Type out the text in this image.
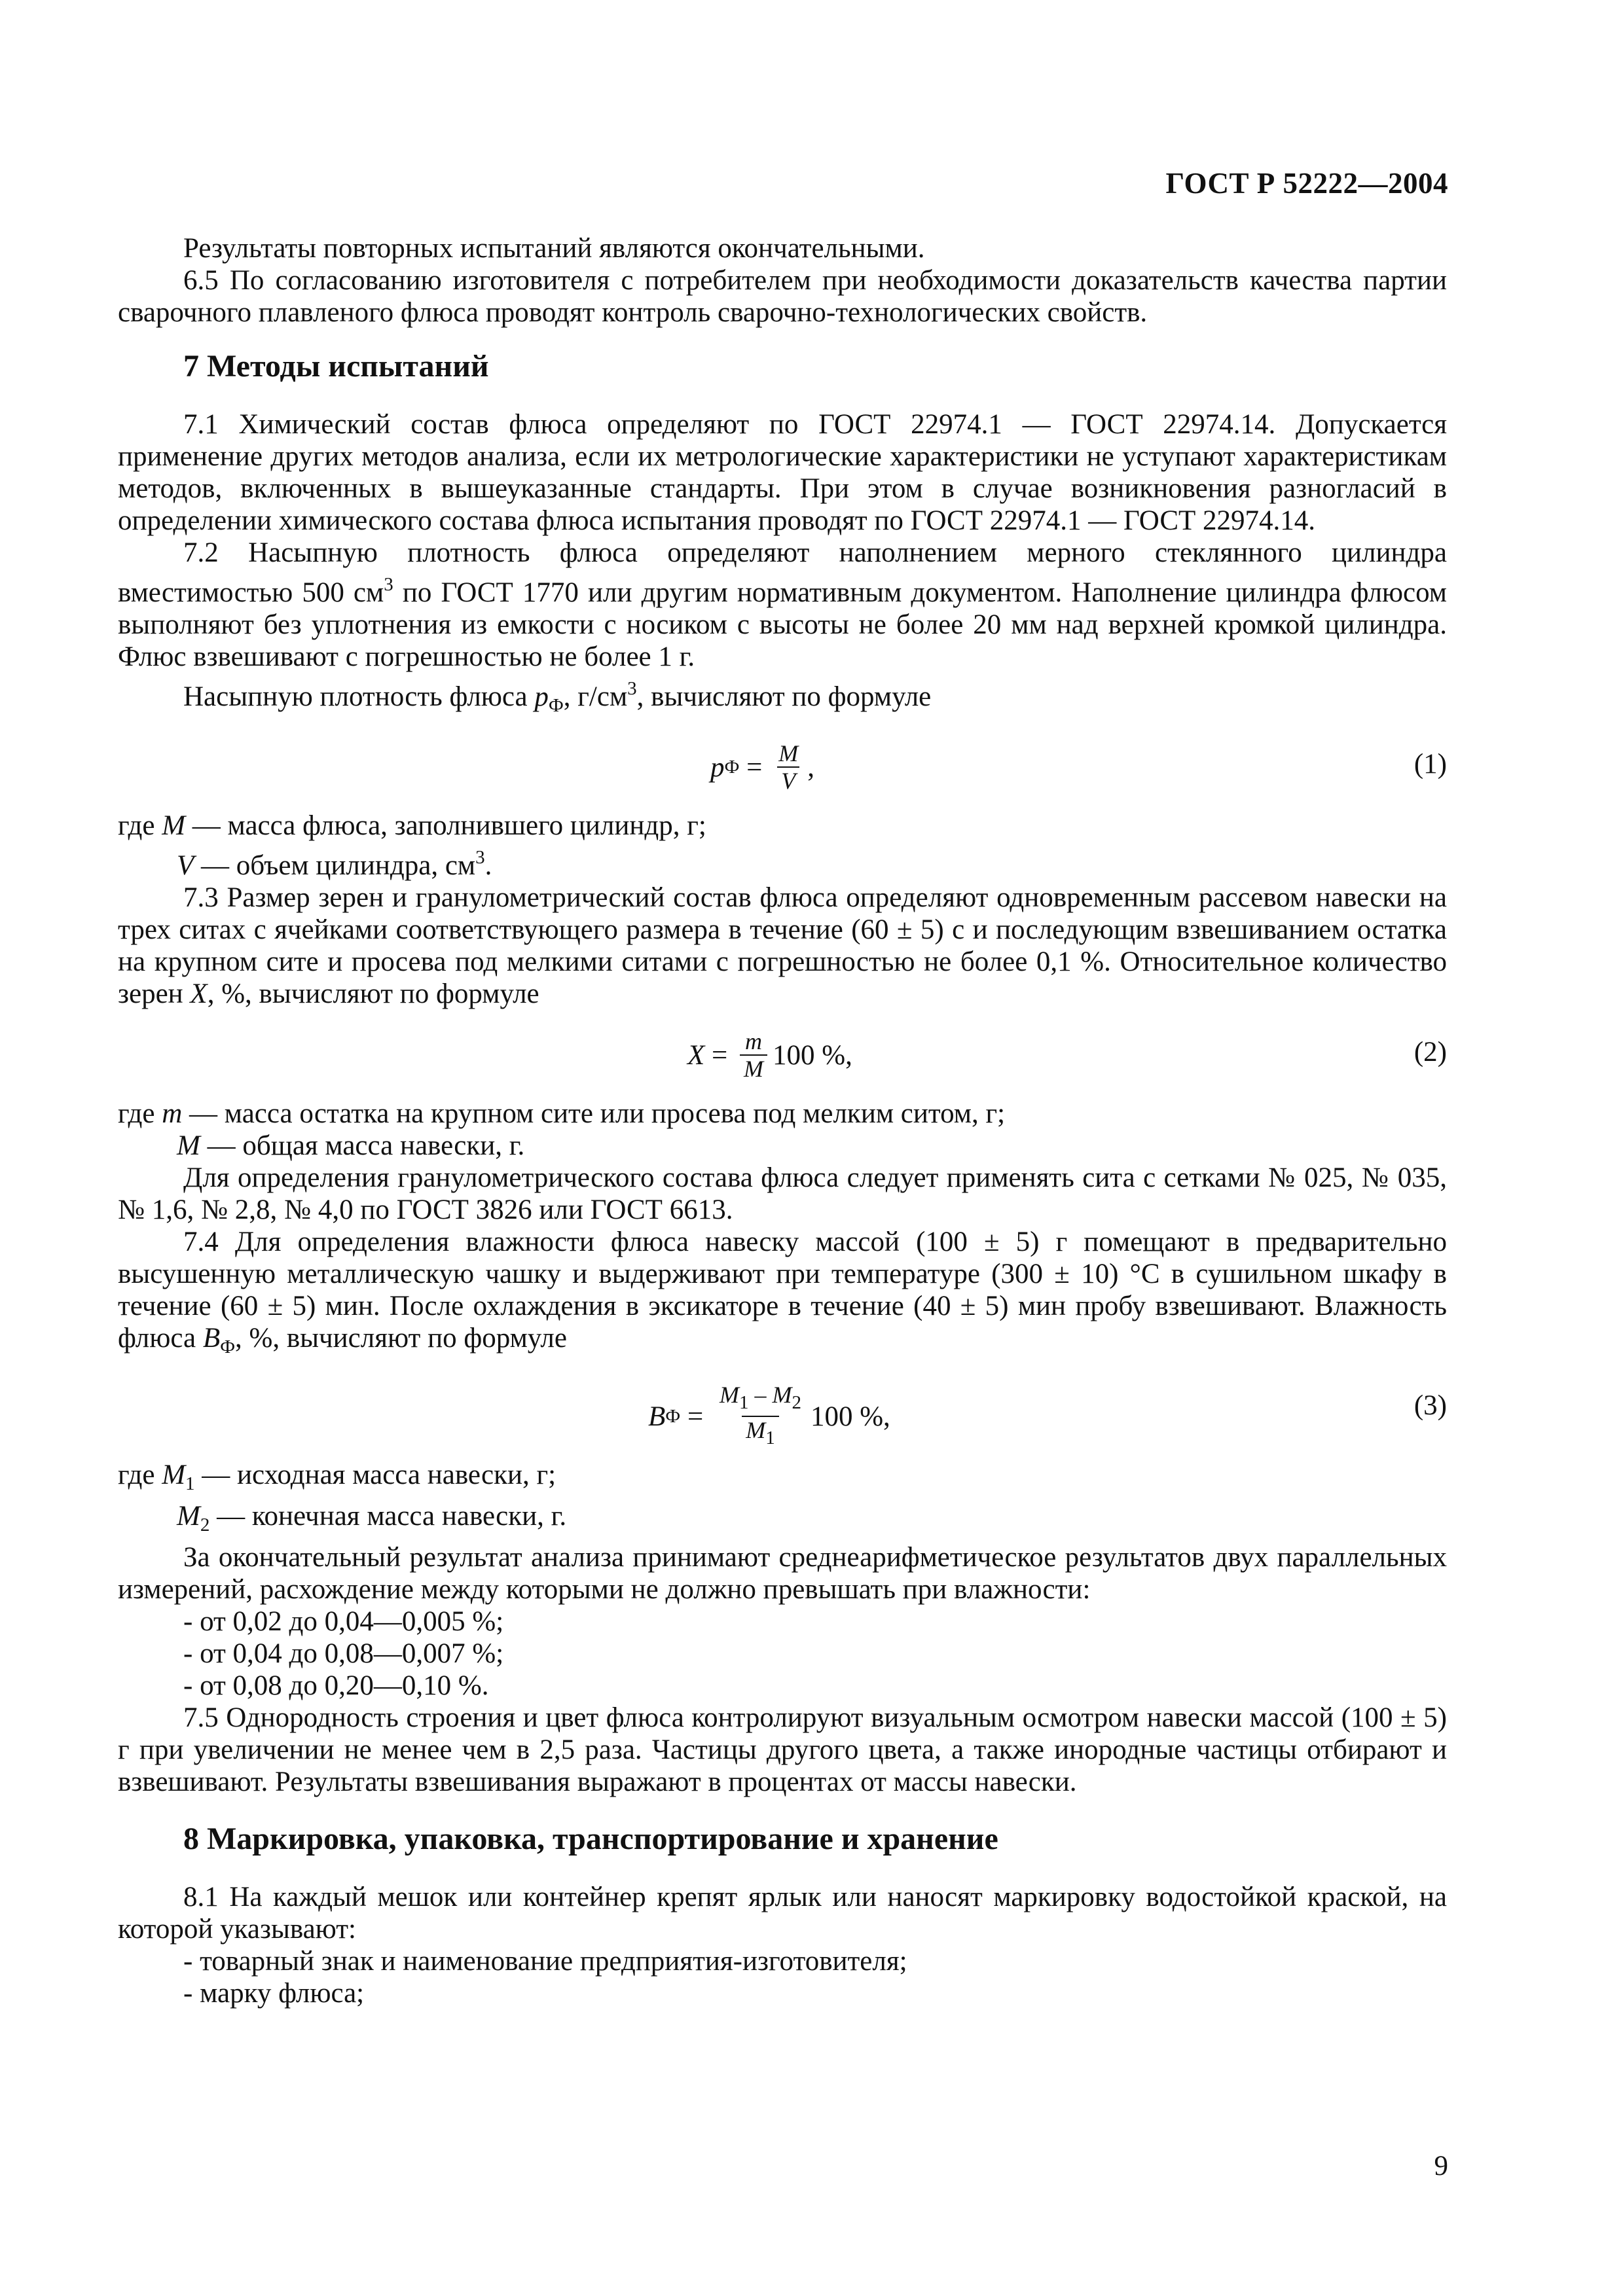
ГОСТ Р 52222—2004

Результаты повторных испытаний являются окончательными.

6.5 По согласованию изготовителя с потребителем при необходимости доказательств качества партии сварочного плавленого флюса проводят контроль сварочно-технологических свойств.

7 Методы испытаний

7.1 Химический состав флюса определяют по ГОСТ 22974.1 — ГОСТ 22974.14. Допускается применение других методов анализа, если их метрологические характеристики не уступают характеристикам методов, включенных в вышеуказанные стандарты. При этом в случае возникновения разногласий в определении химического состава флюса испытания проводят по ГОСТ 22974.1 — ГОСТ 22974.14.

7.2 Насыпную плотность флюса определяют наполнением мерного стеклянного цилиндра вместимостью 500 $см^3$ по ГОСТ 1770 или другим нормативным документом. Наполнение цилиндра флюсом выполняют без уплотнения из емкости с носиком с высоты не более 20 мм над верхней кромкой цилиндра. Флюс взвешивают с погрешностью не более 1 г.

Насыпную плотность флюса $p_Ф$, $г/см^3$, вычисляют по формуле

p $Ф = \frac{M}{V}$ ,	(1)

где M — масса флюса, заполнившего цилиндр, г;

V — объем цилиндра, $см^3$.

7.3 Размер зерен и гранулометрический состав флюса определяют одновременным рассевом навески на трех ситах с ячейками соответствующего размера в течение (60 ± 5) с и последующим взвешиванием остатка на крупном сите и просева под мелкими ситами с погрешностью не более 0,1 %. Относительное количество зерен X, %, вычисляют по формуле

$X = \frac{m}{M} 100$ %,	(2)

где m — масса остатка на крупном сите или просева под мелким ситом, г;

M — общая масса навески, г.

Для определения гранулометрического состава флюса следует применять сита с сетками № 025, № 035, № 1,6, № 2,8, № 4,0 по ГОСТ 3826 или ГОСТ 6613.

7.4 Для определения влажности флюса навеску массой (100 ± 5) г помещают в предварительно высушенную металлическую чашку и выдерживают при температуре (300 ± 10) °С в сушильном шкафу в течение (60 ± 5) мин. После охлаждения в эксикаторе в течение (40 ± 5) мин пробу взвешивают. Влажность флюса $B_Ф$, %, вычисляют по формуле

B $Ф = \frac{M_1 - M_2}{M_1} 100$ %,	(3)

где $M_1$ — исходная масса навески, г;

$M_2$ — конечная масса навески, г.

За окончательный результат анализа принимают среднеарифметическое результатов двух параллельных измерений, расхождение между которыми не должно превышать при влажности:

- от 0,02 до 0,04—0,005 %;

- от 0,04 до 0,08—0,007 %;

- от 0,08 до 0,20—0,10 %.

7.5 Однородность строения и цвет флюса контролируют визуальным осмотром навески массой (100 ± 5) г при увеличении не менее чем в 2,5 раза. Частицы другого цвета, а также инородные частицы отбирают и взвешивают. Результаты взвешивания выражают в процентах от массы навески.

8 Маркировка, упаковка, транспортирование и хранение

8.1 На каждый мешок или контейнер крепят ярлык или наносят маркировку водостойкой краской, на которой указывают:

- товарный знак и наименование предприятия-изготовителя;

- марку флюса;

9
